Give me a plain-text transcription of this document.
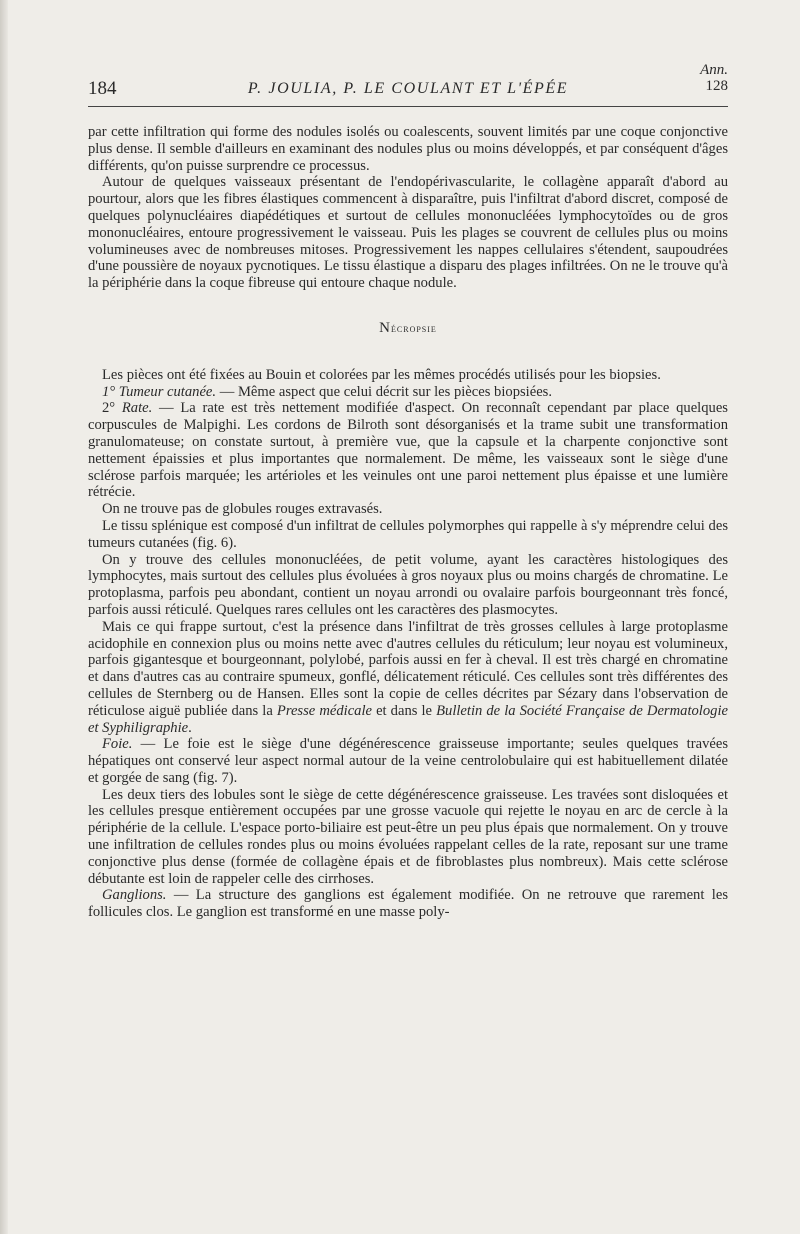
Ann.
128
184	P. JOULIA, P. LE COULANT ET L'ÉPÉE

par cette infiltration qui forme des nodules isolés ou coalescents, souvent limités par une coque conjonctive plus dense. Il semble d'ailleurs en examinant des nodules plus ou moins développés, et par conséquent d'âges différents, qu'on puisse surprendre ce processus.

Autour de quelques vaisseaux présentant de l'endopérivascularite, le collagène apparaît d'abord au pourtour, alors que les fibres élastiques commencent à disparaître, puis l'infiltrat d'abord discret, composé de quelques polynucléaires diapédétiques et surtout de cellules mononucléées lymphocytoïdes ou de gros mononucléaires, entoure progressivement le vaisseau. Puis les plages se couvrent de cellules plus ou moins volumineuses avec de nombreuses mitoses. Progressivement les nappes cellulaires s'étendent, saupoudrées d'une poussière de noyaux pycnotiques. Le tissu élastique a disparu des plages infiltrées. On ne le trouve qu'à la périphérie dans la coque fibreuse qui entoure chaque nodule.

Nécropsie

Les pièces ont été fixées au Bouin et colorées par les mêmes procédés utilisés pour les biopsies.

1° Tumeur cutanée. — Même aspect que celui décrit sur les pièces biopsiées.

2° Rate. — La rate est très nettement modifiée d'aspect. On reconnaît cependant par place quelques corpuscules de Malpighi. Les cordons de Bilroth sont désorganisés et la trame subit une transformation granulomateuse; on constate surtout, à première vue, que la capsule et la charpente conjonctive sont nettement épaissies et plus importantes que normalement. De même, les vaisseaux sont le siège d'une sclérose parfois marquée; les artérioles et les veinules ont une paroi nettement plus épaisse et une lumière rétrécie.

On ne trouve pas de globules rouges extravasés.

Le tissu splénique est composé d'un infiltrat de cellules polymorphes qui rappelle à s'y méprendre celui des tumeurs cutanées (fig. 6).

On y trouve des cellules mononucléées, de petit volume, ayant les caractères histologiques des lymphocytes, mais surtout des cellules plus évoluées à gros noyaux plus ou moins chargés de chromatine. Le protoplasma, parfois peu abondant, contient un noyau arrondi ou ovalaire parfois bourgeonnant très foncé, parfois aussi réticulé. Quelques rares cellules ont les caractères des plasmocytes.

Mais ce qui frappe surtout, c'est la présence dans l'infiltrat de très grosses cellules à large protoplasme acidophile en connexion plus ou moins nette avec d'autres cellules du réticulum; leur noyau est volumineux, parfois gigantesque et bourgeonnant, polylobé, parfois aussi en fer à cheval. Il est très chargé en chromatine et dans d'autres cas au contraire spumeux, gonflé, délicatement réticulé. Ces cellules sont très différentes des cellules de Sternberg ou de Hansen. Elles sont la copie de celles décrites par Sézary dans l'observation de réticulose aiguë publiée dans la Presse médicale et dans le Bulletin de la Société Française de Dermatologie et Syphiligraphie.

Foie. — Le foie est le siège d'une dégénérescence graisseuse importante; seules quelques travées hépatiques ont conservé leur aspect normal autour de la veine centrolobulaire qui est habituellement dilatée et gorgée de sang (fig. 7).

Les deux tiers des lobules sont le siège de cette dégénérescence graisseuse. Les travées sont disloquées et les cellules presque entièrement occupées par une grosse vacuole qui rejette le noyau en arc de cercle à la périphérie de la cellule. L'espace porto-biliaire est peut-être un peu plus épais que normalement. On y trouve une infiltration de cellules rondes plus ou moins évoluées rappelant celles de la rate, reposant sur une trame conjonctive plus dense (formée de collagène épais et de fibroblastes plus nombreux). Mais cette sclérose débutante est loin de rappeler celle des cirrhoses.

Ganglions. — La structure des ganglions est également modifiée. On ne retrouve que rarement les follicules clos. Le ganglion est transformé en une masse poly-
